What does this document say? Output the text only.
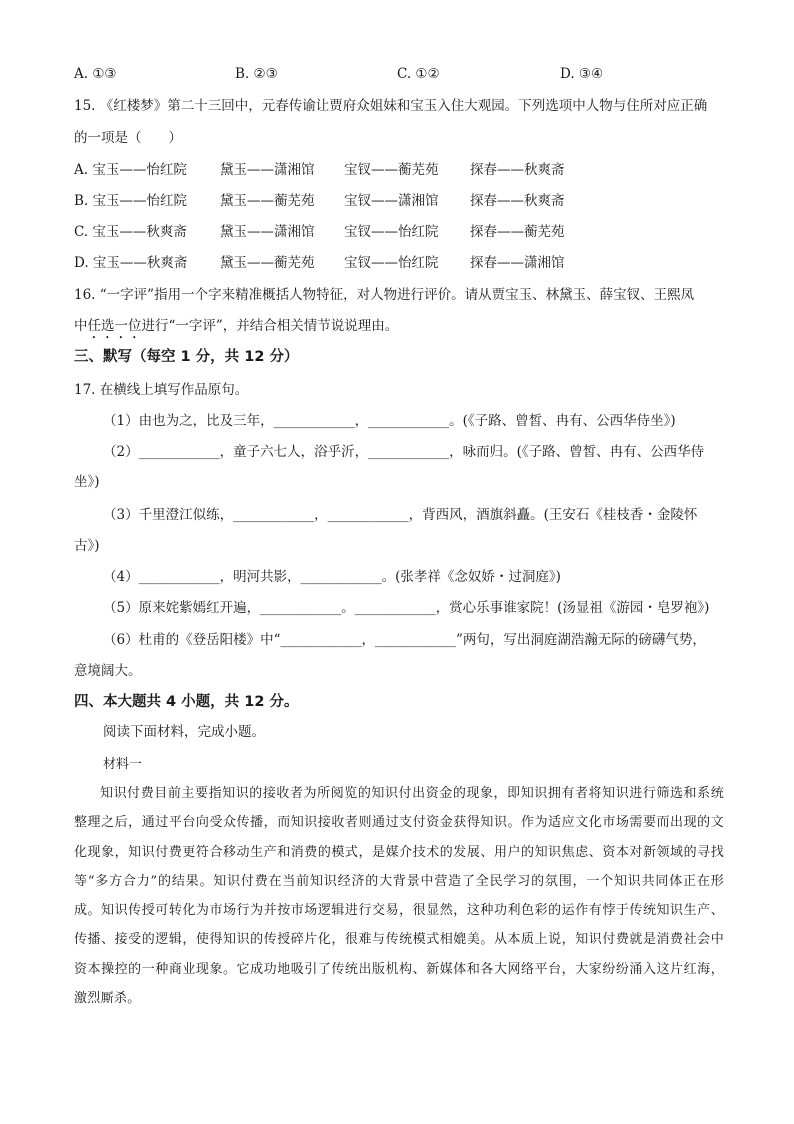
A. ①③	B. ②③	C. ①②	D. ③④
15. 《红楼梦》第二十三回中，元春传谕让贾府众姐妹和宝玉入住大观园。下列选项中人物与住所对应正确
的一项是（　　）
A. 宝玉——怡红院 黛玉——潇湘馆 宝钗——蘅芜苑 探春——秋爽斋
B. 宝玉——怡红院 黛玉——蘅芜苑 宝钗——潇湘馆 探春——秋爽斋
C. 宝玉——秋爽斋 黛玉——潇湘馆 宝钗——怡红院 探春——蘅芜苑
D. 宝玉——秋爽斋 黛玉——蘅芜苑 宝钗——怡红院 探春——潇湘馆
16. “一字评”指用一个字来精准概括人物特征，对人物进行评价。请从贾宝玉、林黛玉、薛宝钗、王熙凤
中任选一位进行“一字评”，并结合相关情节说说理由。
三、默写（每空 1 分，共 12 分）
17. 在横线上填写作品原句。
（1）由也为之，比及三年，____________，____________。(《子路、曾皙、冉有、公西华侍坐》)
（2）____________，童子六七人，浴乎沂，____________，咏而归。(《子路、曾皙、冉有、公西华侍
坐》)
（3）千里澄江似练，____________，____________，背西风，酒旗斜矗。(王安石《桂枝香・金陵怀
古》)
（4）____________，明河共影，____________。(张孝祥《念奴娇・过洞庭》)
（5）原来姹紫嫣红开遍，____________。____________，赏心乐事谁家院！(汤显祖《游园・皂罗袍》)
（6）杜甫的《登岳阳楼》中“____________，____________”两句，写出洞庭湖浩瀚无际的磅礴气势，
意境阔大。
四、本大题共 4 小题，共 12 分。
阅读下面材料，完成小题。
材料一
知识付费目前主要指知识的接收者为所阅览的知识付出资金的现象，即知识拥有者将知识进行筛选和系统整理之后，通过平台向受众传播，而知识接收者则通过支付资金获得知识。作为适应文化市场需要而出现的文化现象，知识付费更符合移动生产和消费的模式，是媒介技术的发展、用户的知识焦虑、资本对新领域的寻找等“多方合力”的结果。知识付费在当前知识经济的大背景中营造了全民学习的氛围，一个知识共同体正在形成。知识传授可转化为市场行为并按市场逻辑进行交易，很显然，这种功利色彩的运作有悖于传统知识生产、传播、接受的逻辑，使得知识的传授碎片化，很难与传统模式相媲美。从本质上说，知识付费就是消费社会中资本操控的一种商业现象。它成功地吸引了传统出版机构、新媒体和各大网络平台，大家纷纷涌入这片红海，激烈厮杀。
